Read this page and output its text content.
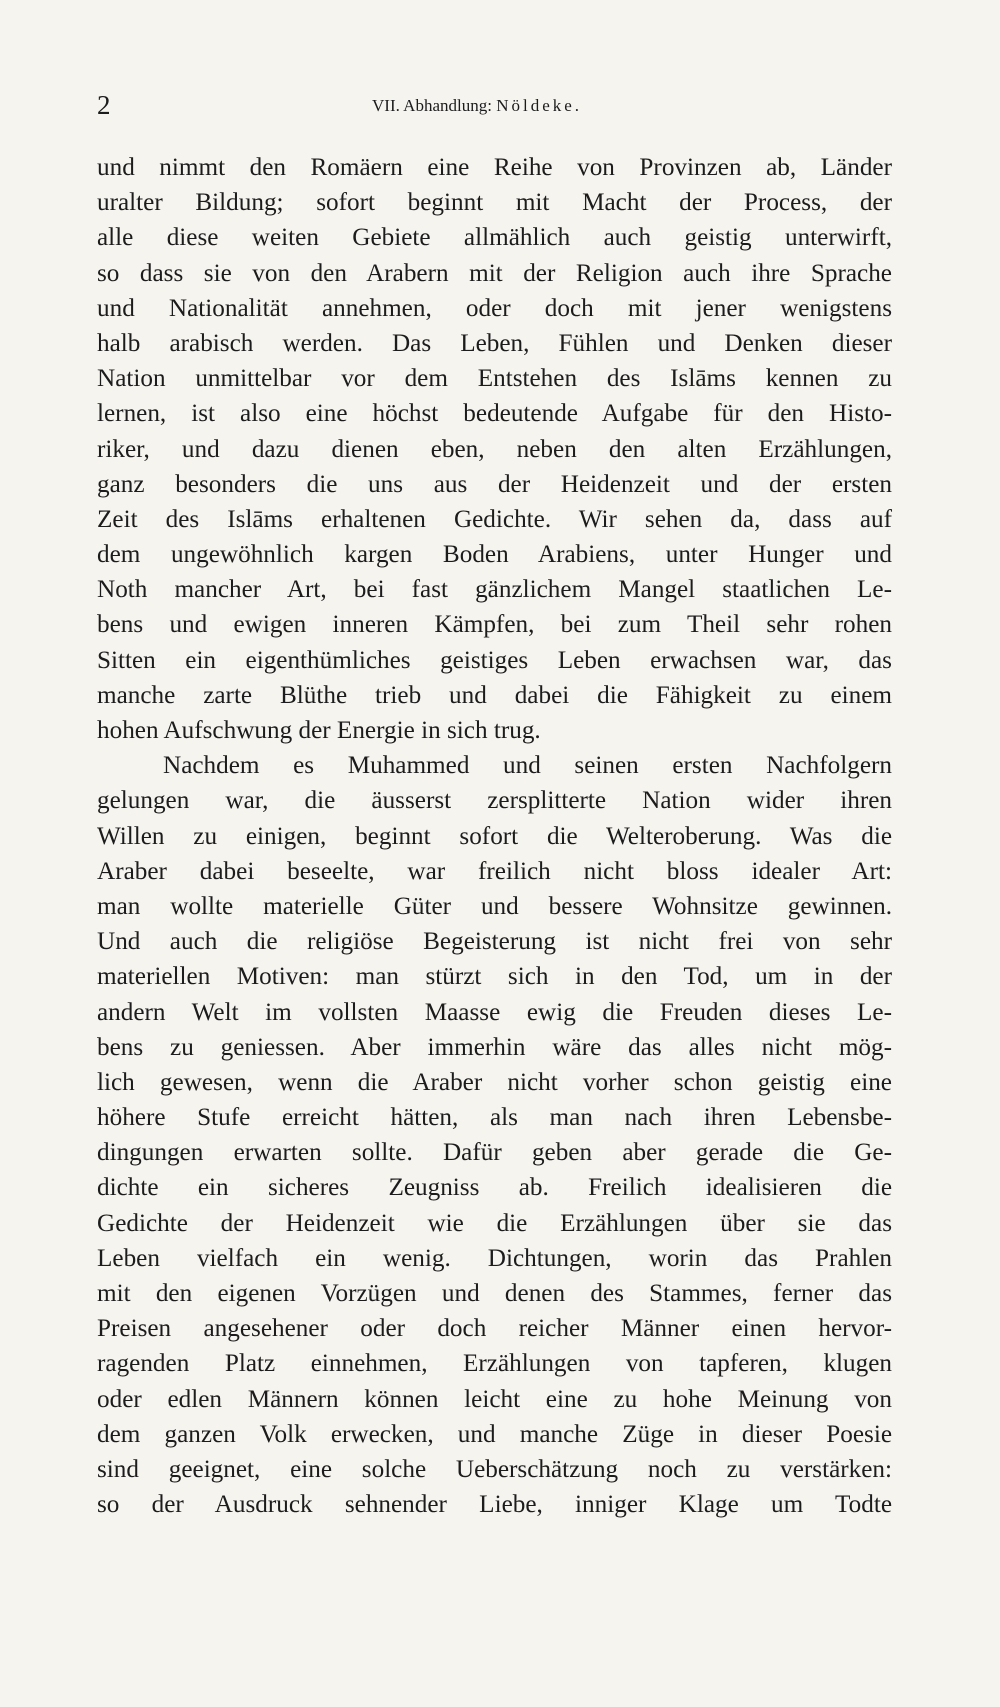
2	VII. Abhandlung: Nöldeke.
und nimmt den Romäern eine Reihe von Provinzen ab, Länder
uralter Bildung; sofort beginnt mit Macht der Process, der
alle diese weiten Gebiete allmählich auch geistig unterwirft,
so dass sie von den Arabern mit der Religion auch ihre Sprache
und Nationalität annehmen, oder doch mit jener wenigstens
halb arabisch werden. Das Leben, Fühlen und Denken dieser
Nation unmittelbar vor dem Entstehen des Islāms kennen zu
lernen, ist also eine höchst bedeutende Aufgabe für den Histo-
riker, und dazu dienen eben, neben den alten Erzählungen,
ganz besonders die uns aus der Heidenzeit und der ersten
Zeit des Islāms erhaltenen Gedichte. Wir sehen da, dass auf
dem ungewöhnlich kargen Boden Arabiens, unter Hunger und
Noth mancher Art, bei fast gänzlichem Mangel staatlichen Le-
bens und ewigen inneren Kämpfen, bei zum Theil sehr rohen
Sitten ein eigenthümliches geistiges Leben erwachsen war, das
manche zarte Blüthe trieb und dabei die Fähigkeit zu einem
hohen Aufschwung der Energie in sich trug.
Nachdem es Muhammed und seinen ersten Nachfolgern
gelungen war, die äusserst zersplitterte Nation wider ihren
Willen zu einigen, beginnt sofort die Welteroberung. Was die
Araber dabei beseelte, war freilich nicht bloss idealer Art:
man wollte materielle Güter und bessere Wohnsitze gewinnen.
Und auch die religiöse Begeisterung ist nicht frei von sehr
materiellen Motiven: man stürzt sich in den Tod, um in der
andern Welt im vollsten Maasse ewig die Freuden dieses Le-
bens zu geniessen. Aber immerhin wäre das alles nicht mög-
lich gewesen, wenn die Araber nicht vorher schon geistig eine
höhere Stufe erreicht hätten, als man nach ihren Lebensbe-
dingungen erwarten sollte. Dafür geben aber gerade die Ge-
dichte ein sicheres Zeugniss ab. Freilich idealisieren die
Gedichte der Heidenzeit wie die Erzählungen über sie das
Leben vielfach ein wenig. Dichtungen, worin das Prahlen
mit den eigenen Vorzügen und denen des Stammes, ferner das
Preisen angesehener oder doch reicher Männer einen hervor-
ragenden Platz einnehmen, Erzählungen von tapferen, klugen
oder edlen Männern können leicht eine zu hohe Meinung von
dem ganzen Volk erwecken, und manche Züge in dieser Poesie
sind geeignet, eine solche Ueberschätzung noch zu verstärken:
so der Ausdruck sehnender Liebe, inniger Klage um Todte
